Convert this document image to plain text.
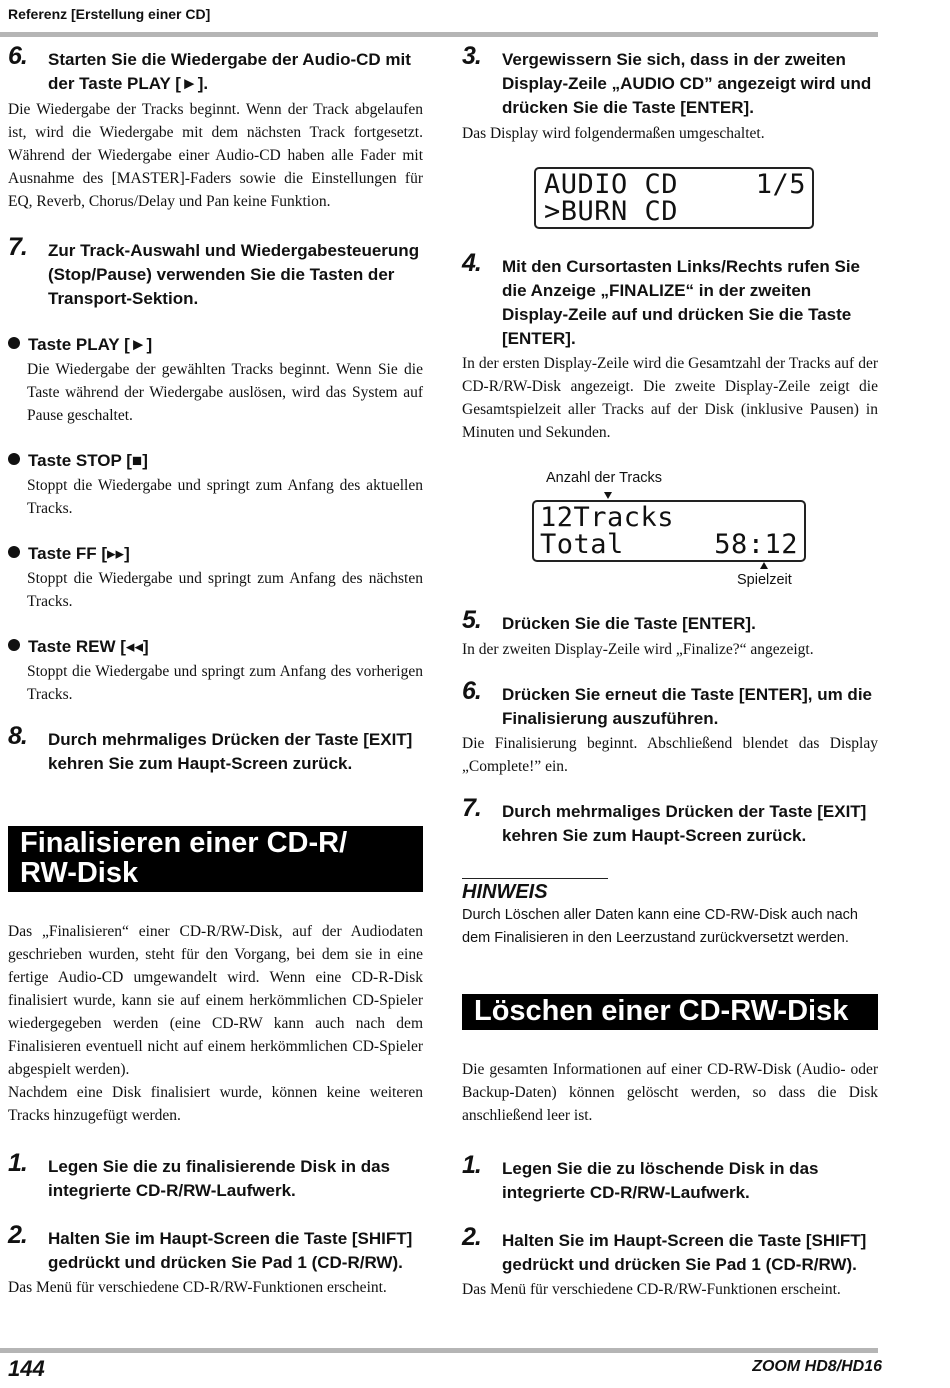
Referenz [Erstellung einer CD]
6. Starten Sie die Wiedergabe der Audio-CD mit der Taste PLAY [►].
Die Wiedergabe der Tracks beginnt. Wenn der Track abgelaufen ist, wird die Wiedergabe mit dem nächsten Track fortgesetzt. Während der Wiedergabe einer Audio-CD haben alle Fader mit Ausnahme des [MASTER]-Faders sowie die Einstellungen für EQ, Reverb, Chorus/Delay und Pan keine Funktion.
7. Zur Track-Auswahl und Wiedergabesteuerung (Stop/Pause) verwenden Sie die Tasten der Transport-Sektion.
Taste PLAY [►]
Die Wiedergabe der gewählten Tracks beginnt. Wenn Sie die Taste während der Wiedergabe auslösen, wird das System auf Pause geschaltet.
Taste STOP [■]
Stoppt die Wiedergabe und springt zum Anfang des aktuellen Tracks.
Taste FF [▸▸]
Stoppt die Wiedergabe und springt zum Anfang des nächsten Tracks.
Taste REW [◂◂]
Stoppt die Wiedergabe und springt zum Anfang des vorherigen Tracks.
8. Durch mehrmaliges Drücken der Taste [EXIT] kehren Sie zum Haupt-Screen zurück.
Finalisieren einer CD-R/ RW-Disk
Das „Finalisieren“ einer CD-R/RW-Disk, auf der Audiodaten geschrieben wurden, steht für den Vorgang, bei dem sie in eine fertige Audio-CD umgewandelt wird. Wenn eine CD-R-Disk finalisiert wurde, kann sie auf einem herkömmlichen CD-Spieler wiedergegeben werden (eine CD-RW kann auch nach dem Finalisieren eventuell nicht auf einem herkömmlichen CD-Spieler abgespielt werden).
Nachdem eine Disk finalisiert wurde, können keine weiteren Tracks hinzugefügt werden.
1. Legen Sie die zu finalisierende Disk in das integrierte CD-R/RW-Laufwerk.
2. Halten Sie im Haupt-Screen die Taste [SHIFT] gedrückt und drücken Sie Pad 1 (CD-R/RW).
Das Menü für verschiedene CD-R/RW-Funktionen erscheint.
3. Vergewissern Sie sich, dass in der zweiten Display-Zeile „AUDIO CD” angezeigt wird und drücken Sie die Taste [ENTER].
Das Display wird folgendermaßen umgeschaltet.
AUDIO CD	1/5
>BURN CD
4. Mit den Cursortasten Links/Rechts rufen Sie die Anzeige „FINALIZE“ in der zweiten Display-Zeile auf und drücken Sie die Taste [ENTER].
In der ersten Display-Zeile wird die Gesamtzahl der Tracks auf der CD-R/RW-Disk angezeigt. Die zweite Display-Zeile zeigt die Gesamtspielzeit aller Tracks auf der Disk (inklusive Pausen) in Minuten und Sekunden.
Anzahl der Tracks
12Tracks
Total	58:12
Spielzeit
5. Drücken Sie die Taste [ENTER].
In der zweiten Display-Zeile wird „Finalize?“ angezeigt.
6. Drücken Sie erneut die Taste [ENTER], um die Finalisierung auszuführen.
Die Finalisierung beginnt. Abschließend blendet das Display „Complete!” ein.
7. Durch mehrmaliges Drücken der Taste [EXIT] kehren Sie zum Haupt-Screen zurück.
HINWEIS
Durch Löschen aller Daten kann eine CD-RW-Disk auch nach dem Finalisieren in den Leerzustand zurückversetzt werden.
Löschen einer CD-RW-Disk
Die gesamten Informationen auf einer CD-RW-Disk (Audio- oder Backup-Daten) können gelöscht werden, so dass die Disk anschließend leer ist.
1. Legen Sie die zu löschende Disk in das integrierte CD-R/RW-Laufwerk.
2. Halten Sie im Haupt-Screen die Taste [SHIFT] gedrückt und drücken Sie Pad 1 (CD-R/RW).
Das Menü für verschiedene CD-R/RW-Funktionen erscheint.
144	ZOOM HD8/HD16
